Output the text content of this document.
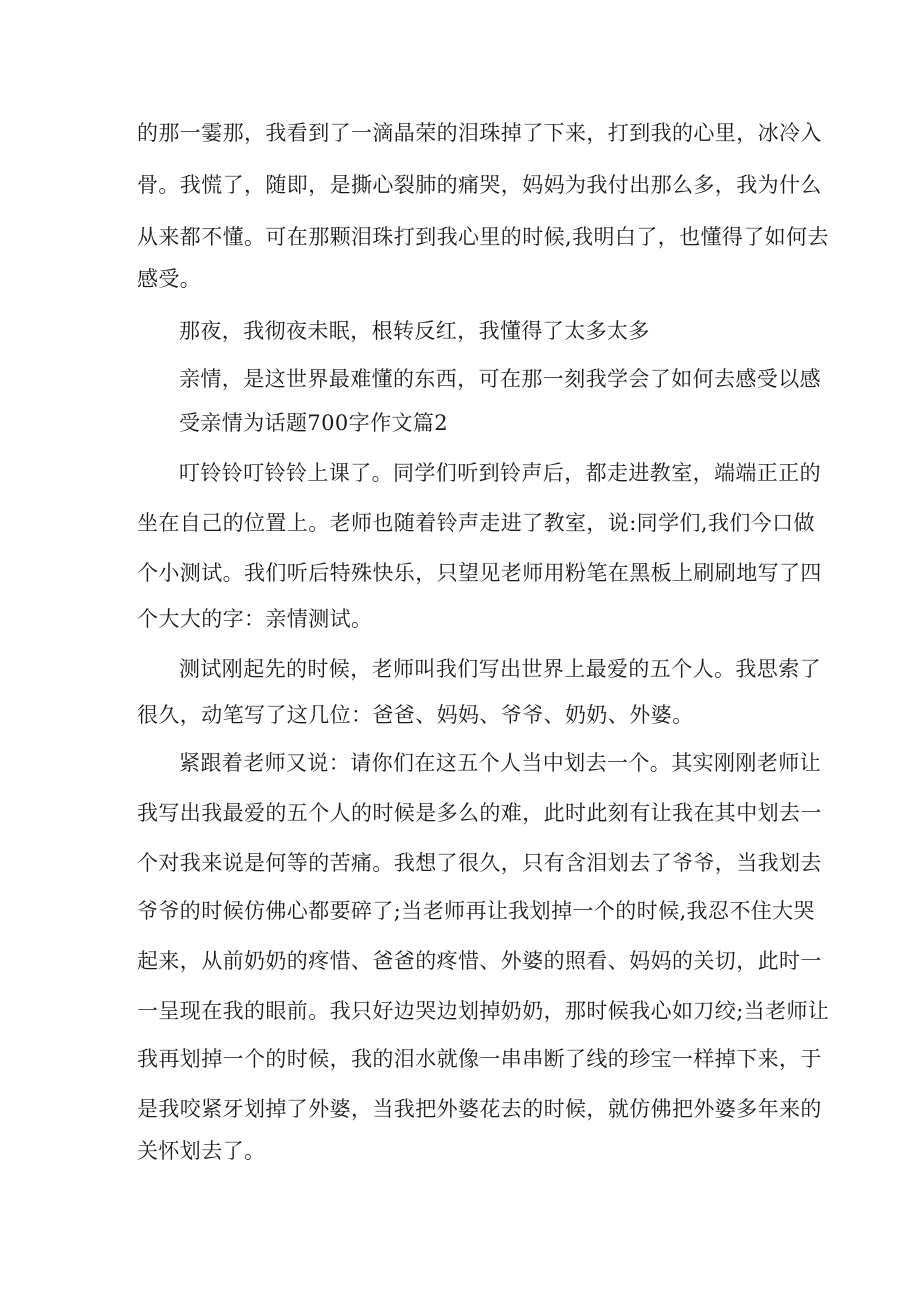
的那一霎那，我看到了一滴晶荣的泪珠掉了下来，打到我的心里，冰冷入
骨。我慌了，随即，是撕心裂肺的痛哭，妈妈为我付出那么多，我为什么
从来都不懂。可在那颗泪珠打到我心里的时候,我明白了，也懂得了如何去
感受。
那夜，我彻夜未眠，根转反红，我懂得了太多太多
亲情，是这世界最难懂的东西，可在那一刻我学会了如何去感受以感
受亲情为话题700字作文篇2
叮铃铃叮铃铃上课了。同学们听到铃声后，都走进教室，端端正正的
坐在自己的位置上。老师也随着铃声走进了教室，说:同学们,我们今口做
个小测试。我们听后特殊快乐，只望见老师用粉笔在黑板上刷刷地写了四
个大大的字：亲情测试。
测试刚起先的时候，老师叫我们写出世界上最爱的五个人。我思索了
很久，动笔写了这几位：爸爸、妈妈、爷爷、奶奶、外婆。
紧跟着老师又说：请你们在这五个人当中划去一个。其实刚刚老师让
我写出我最爱的五个人的时候是多么的难，此时此刻有让我在其中划去一
个对我来说是何等的苦痛。我想了很久，只有含泪划去了爷爷，当我划去
爷爷的时候仿佛心都要碎了;当老师再让我划掉一个的时候,我忍不住大哭
起来，从前奶奶的疼惜、爸爸的疼惜、外婆的照看、妈妈的关切，此时一
一呈现在我的眼前。我只好边哭边划掉奶奶，那时候我心如刀绞;当老师让
我再划掉一个的时候，我的泪水就像一串串断了线的珍宝一样掉下来，于
是我咬紧牙划掉了外婆，当我把外婆花去的时候，就仿佛把外婆多年来的
关怀划去了。
